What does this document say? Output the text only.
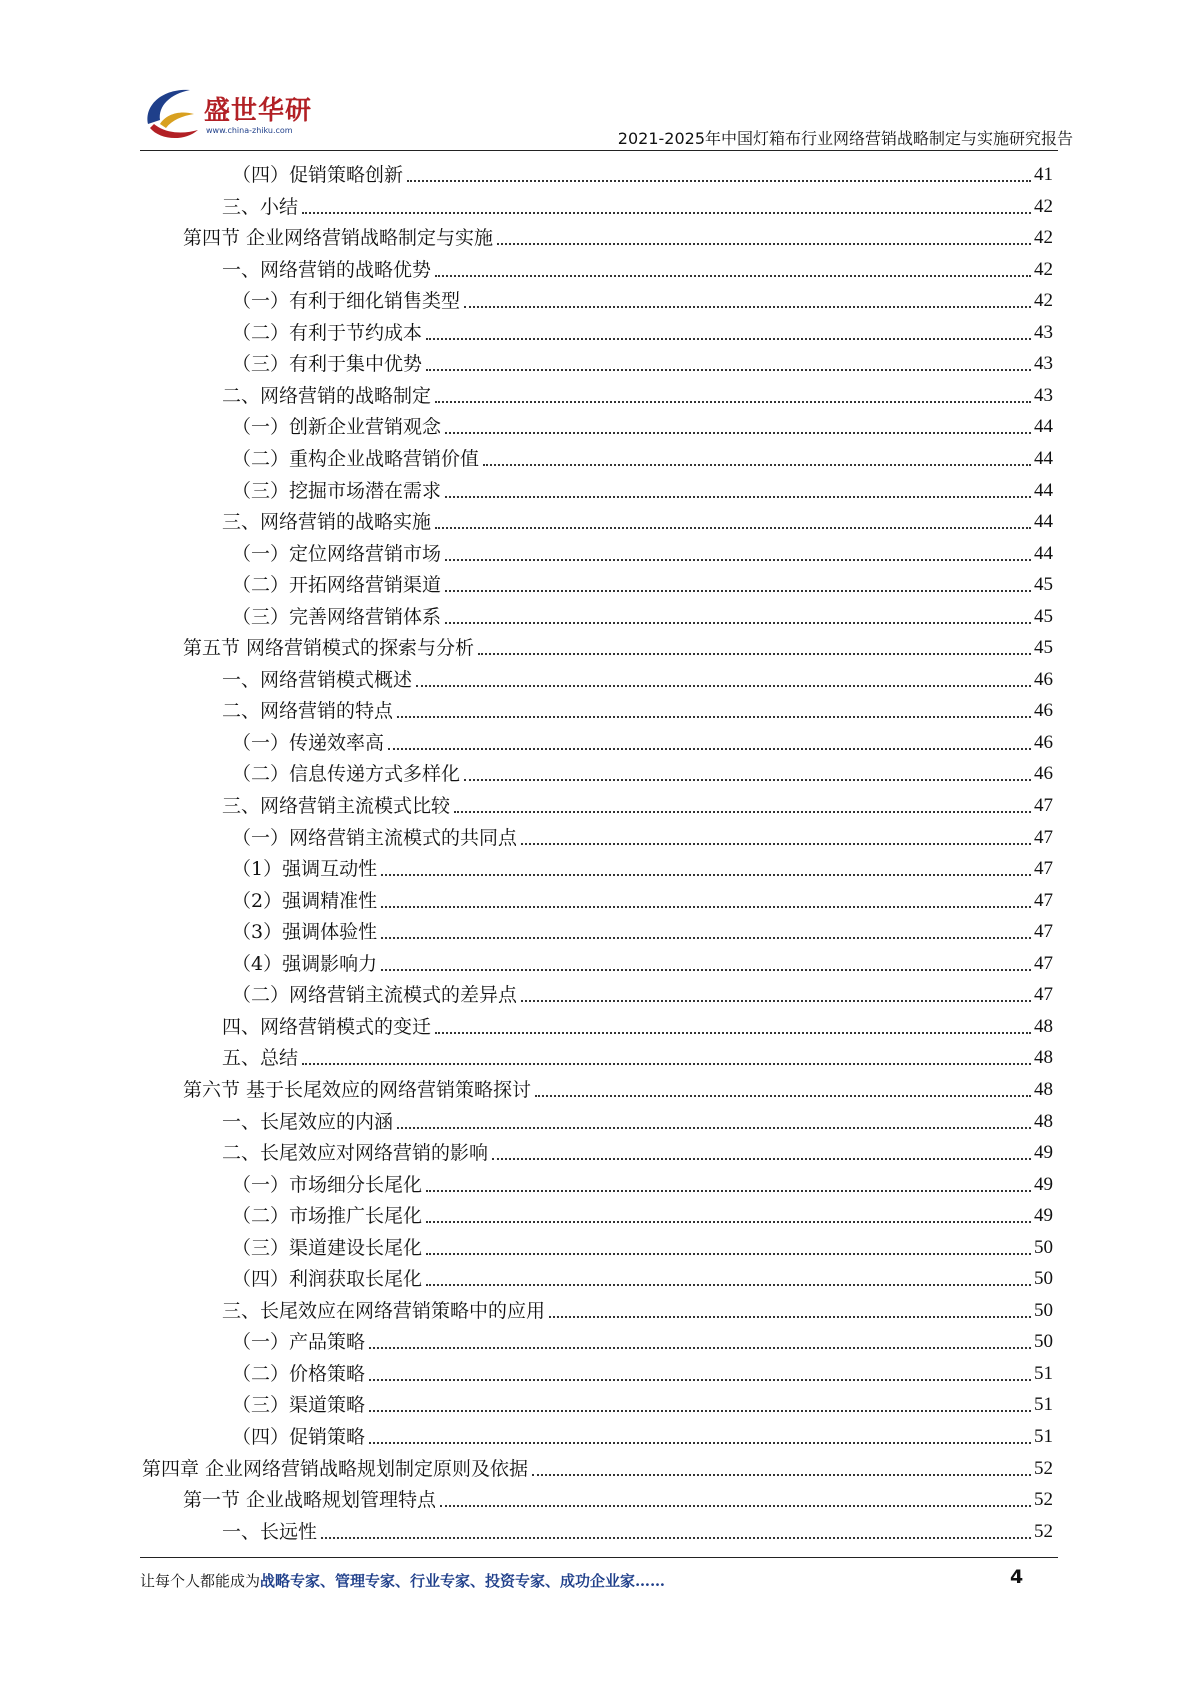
盛世华研
www.china-zhiku.com	2021-2025年中国灯箱布行业网络营销战略制定与实施研究报告
（四）促销策略创新	41
三、小结	42
第四节 企业网络营销战略制定与实施	42
一、网络营销的战略优势	42
（一）有利于细化销售类型	42
（二）有利于节约成本	43
（三）有利于集中优势	43
二、网络营销的战略制定	43
（一）创新企业营销观念	44
（二）重构企业战略营销价值	44
（三）挖掘市场潜在需求	44
三、网络营销的战略实施	44
（一）定位网络营销市场	44
（二）开拓网络营销渠道	45
（三）完善网络营销体系	45
第五节 网络营销模式的探索与分析	45
一、网络营销模式概述	46
二、网络营销的特点	46
（一）传递效率高	46
（二）信息传递方式多样化	46
三、网络营销主流模式比较	47
（一）网络营销主流模式的共同点	47
（1）强调互动性	47
（2）强调精准性	47
（3）强调体验性	47
（4）强调影响力	47
（二）网络营销主流模式的差异点	47
四、网络营销模式的变迁	48
五、总结	48
第六节 基于长尾效应的网络营销策略探讨	48
一、长尾效应的内涵	48
二、长尾效应对网络营销的影响	49
（一）市场细分长尾化	49
（二）市场推广长尾化	49
（三）渠道建设长尾化	50
（四）利润获取长尾化	50
三、长尾效应在网络营销策略中的应用	50
（一）产品策略	50
（二）价格策略	51
（三）渠道策略	51
（四）促销策略	51
第四章 企业网络营销战略规划制定原则及依据	52
第一节 企业战略规划管理特点	52
一、长远性	52
让每个人都能成为战略专家、管理专家、行业专家、投资专家、成功企业家……	4
